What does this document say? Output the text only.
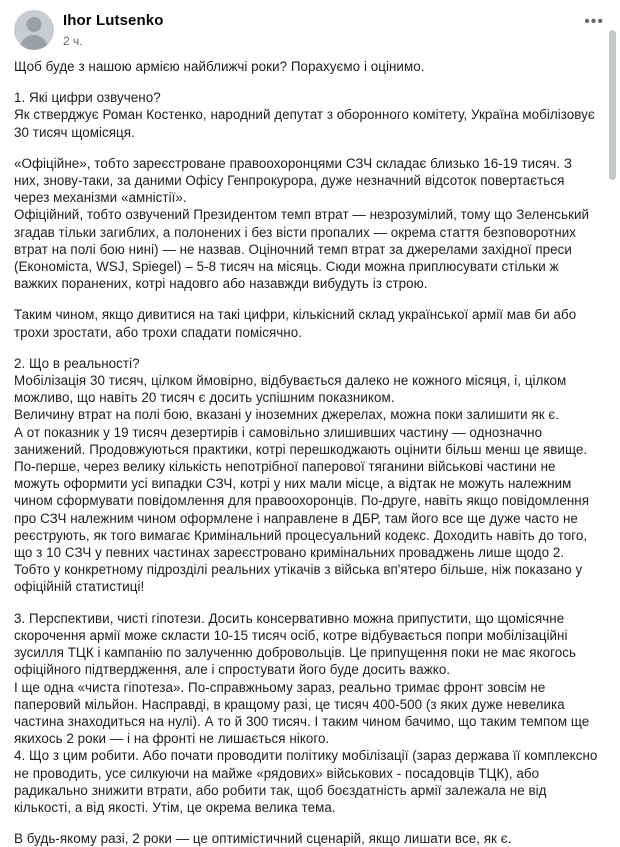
Ihor Lutsenko
2 ч.
•••

Щоб буде з нашою армією найближчі роки? Порахуємо і оцінимо.

1. Які цифри озвучено?

Як стверджує Роман Костенко, народний депутат з оборонного комітету, Україна мобілізовує 30 тисяч щомісяця.

«Офіційне», тобто зареєстроване правоохоронцями СЗЧ складає близько 16-19 тисяч. З них, знову-таки, за даними Офісу Генпрокурора, дуже незначний відсоток повертається через механізми «амністії».

Офіційний, тобто озвучений Президентом темп втрат — незрозумілий, тому що Зеленський згадав тільки загиблих, а полонених і без вісти пропалих — окрема стаття безповоротних втрат на полі бою нині) — не назвав. Оціночний темп втрат за джерелами західної преси (Економіста, WSJ, Spiegel) – 5-8 тисяч на місяць. Сюди можна приплюсувати стільки ж важких поранених, котрі надовго або назавжди вибудуть із строю.

Таким чином, якщо дивитися на такі цифри, кількісний склад української армії мав би або трохи зростати, або трохи спадати помісячно.

2. Що в реальності?

Мобілізація 30 тисяч, цілком ймовірно, відбувається далеко не кожного місяця, і, цілком можливо, що навіть 20 тисяч є досить успішним показником.

Величину втрат на полі бою, вказані у іноземних джерелах, можна поки залишити як є.

А от показник у 19 тисяч дезертирів і самовільно злишивших частину — однозначно занижений. Продовжуються практики, котрі перешкоджають оцінити більш менш це явище. По-перше, через велику кількість непотрібної паперової тяганини військові частини не можуть оформити усі випадки СЗЧ, котрі у них мали місце, а відтак не можуть належним чином сформувати повідомлення для правоохоронців. По-друге, навіть якщо повідомлення про СЗЧ належним чином оформлене і направлене в ДБР, там його все ще дуже часто не реєструють, як того вимагає Кримінальний процесуальний кодекс. Доходить навіть до того, що з 10 СЗЧ у певних частинах зареєстровано кримінальних проваджень лише щодо 2. Тобто у конкретному підрозділі реальних утікачів з війська вп'ятеро більше, ніж показано у офіційній статистиці!

3. Перспективи, чисті гіпотези. Досить консервативно можна припустити, що щомісячне скорочення армії може скласти 10-15 тисяч осіб, котре відбувається попри мобілізаційні зусилля ТЦК і кампанію по залученню добровольців. Це припущення поки не має якогось офіційного підтвердження, але і спростувати його буде досить важко.

І ще одна «чиста гіпотеза». По-справжньому зараз, реально тримає фронт зовсім не паперовий мільйон. Насправді, в кращому разі, це тисяч 400-500 (з яких дуже невелика частина знаходиться на нулі). А то й 300 тисяч. І таким чином бачимо, що таким темпом ще якихось 2 роки — і на фронті не лишається нікого.

4. Що з цим робити. Або почати проводити політику мобілізації (зараз держава її комплексно не проводить, усе силкуючи на майже «рядових» військових - посадовців ТЦК), або радикально знижити втрати, або робити так, щоб боєздатність армії залежала не від кількості, а від якості. Утім, це окрема велика тема.

В будь-якому разі, 2 роки — це оптимістичний сценарій, якщо лишати все, як є.
